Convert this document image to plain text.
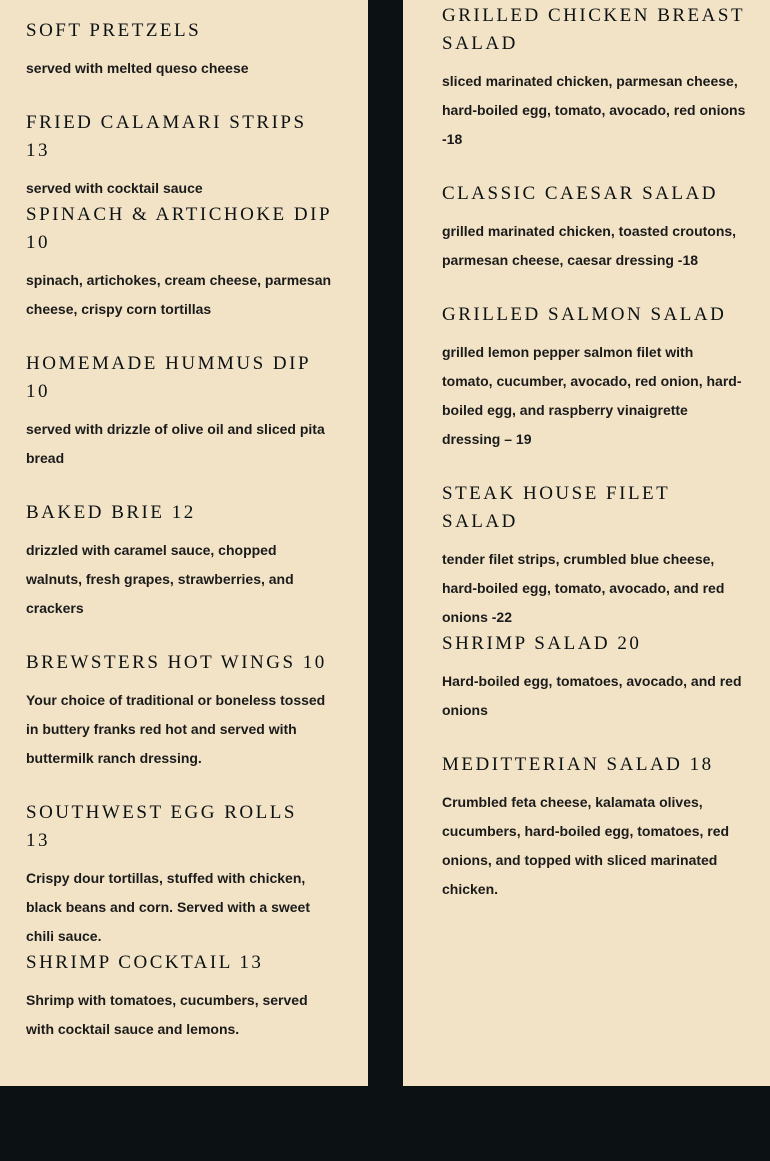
SOFT PRETZELS

served with melted queso cheese

FRIED CALAMARI STRIPS 13

served with cocktail sauce

SPINACH & ARTICHOKE DIP 10

spinach, artichokes, cream cheese, parmesan cheese, crispy corn tortillas

HOMEMADE HUMMUS DIP 10

served with drizzle of olive oil and sliced pita bread

BAKED BRIE 12

drizzled with caramel sauce, chopped walnuts, fresh grapes, strawberries, and crackers

BREWSTERS HOT WINGS 10

Your choice of traditional or boneless tossed in buttery franks red hot and served with buttermilk ranch dressing.

SOUTHWEST EGG ROLLS 13

Crispy dour tortillas, stuffed with chicken, black beans and corn. Served with a sweet chili sauce.

SHRIMP COCKTAIL 13

Shrimp with tomatoes, cucumbers, served with cocktail sauce and lemons.

GRILLED CHICKEN BREAST SALAD

sliced marinated chicken, parmesan cheese, hard-boiled egg, tomato, avocado, red onions -18

CLASSIC CAESAR SALAD

grilled marinated chicken, toasted croutons, parmesan cheese, caesar dressing -18

GRILLED SALMON SALAD

grilled lemon pepper salmon filet with tomato, cucumber, avocado, red onion, hard-boiled egg, and raspberry vinaigrette dressing – 19

STEAK HOUSE FILET SALAD

tender filet strips, crumbled blue cheese, hard-boiled egg, tomato, avocado, and red onions -22

SHRIMP SALAD 20

Hard-boiled egg, tomatoes, avocado, and red onions

MEDITTERIAN SALAD 18

Crumbled feta cheese, kalamata olives, cucumbers, hard-boiled egg, tomatoes, red onions, and topped with sliced marinated chicken.
